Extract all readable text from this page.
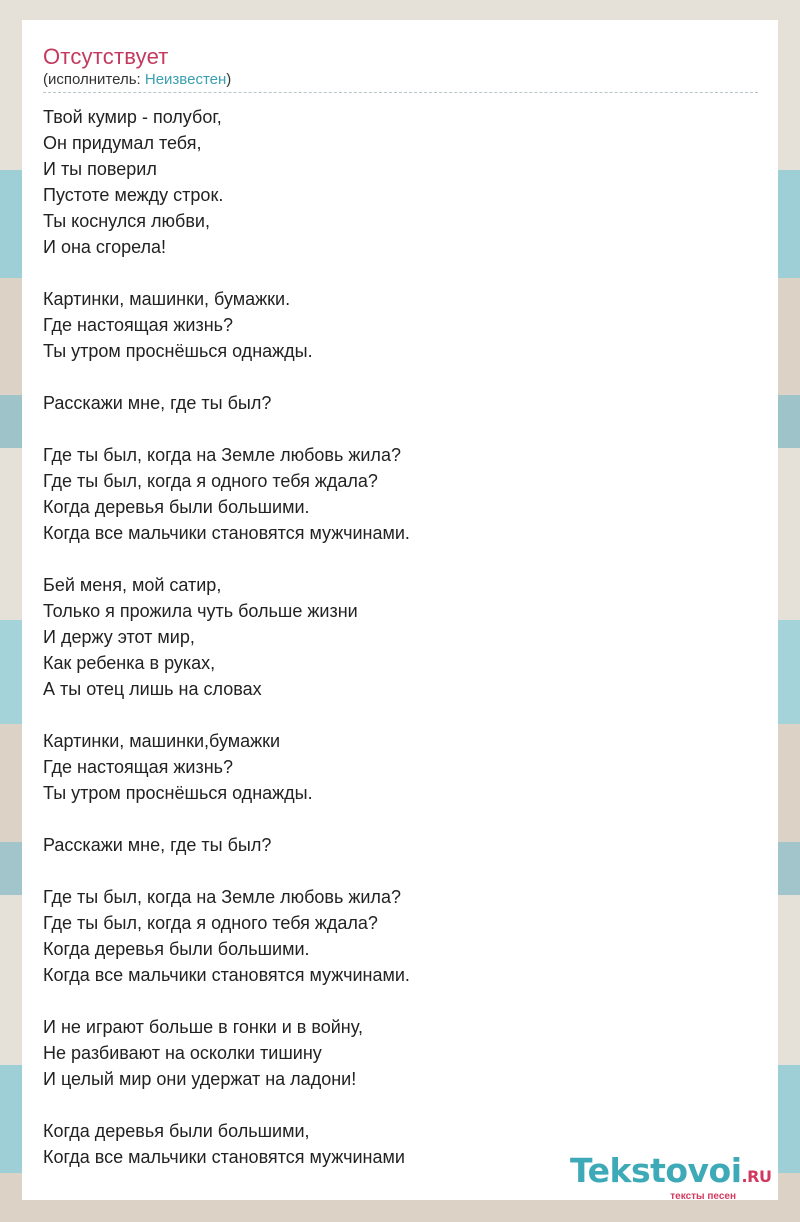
Отсутствует
(исполнитель: Неизвестен)
Твой кумир - полубог,
Он придумал тебя,
И ты поверил
Пустоте между строк.
Ты коснулся любви,
И она сгорела!
Картинки, машинки, бумажки.
Где настоящая жизнь?
Ты утром проснёшься однажды.
Расскажи мне, где ты был?
Где ты был, когда на Земле любовь жила?
Где ты был, когда я одного тебя ждала?
Когда деревья были большими.
Когда все мальчики становятся мужчинами.
Бей меня, мой сатир,
Только я прожила чуть больше жизни
И держу этот мир,
Как ребенка в руках,
А ты отец лишь на словах
Картинки, машинки,бумажки
Где настоящая жизнь?
Ты утром проснёшься однажды.
Расскажи мне, где ты был?
Где ты был, когда на Земле любовь жила?
Где ты был, когда я одного тебя ждала?
Когда деревья были большими.
Когда все мальчики становятся мужчинами.
И не играют больше в гонки и в войну,
Не разбивают на осколки тишину
И целый мир они удержат на ладони!
Когда деревья были большими,
Когда все мальчики становятся мужчинами	Tekstovoi.RU
тексты песен
